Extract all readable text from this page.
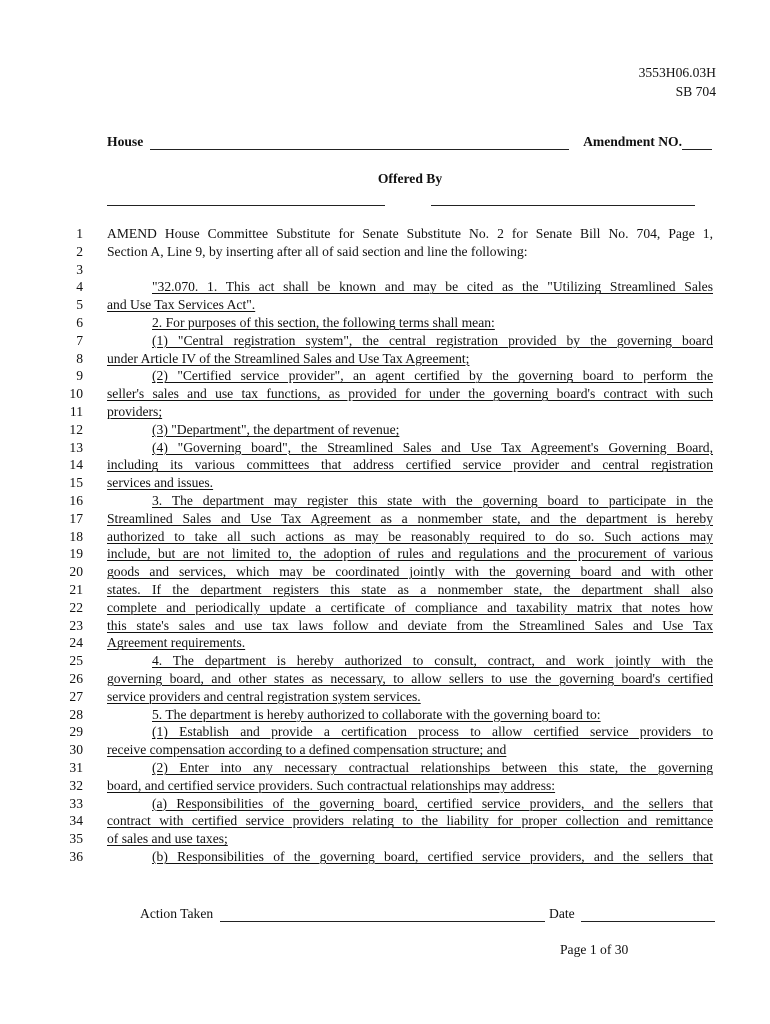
3553H06.03H
SB 704
House	Amendment NO.
Offered By
1 AMEND House Committee Substitute for Senate Substitute No. 2 for Senate Bill No. 704, Page 1,
2 Section A, Line 9, by inserting after all of said section and line the following:
3
4	"32.070. 1. This act shall be known and may be cited as the "Utilizing Streamlined Sales
5 and Use Tax Services Act".
6	2. For purposes of this section, the following terms shall mean:
7	(1) "Central registration system", the central registration provided by the governing board
8 under Article IV of the Streamlined Sales and Use Tax Agreement;
9	(2) "Certified service provider", an agent certified by the governing board to perform the
10 seller's sales and use tax functions, as provided for under the governing board's contract with such
11 providers;
12	(3) "Department", the department of revenue;
13	(4) "Governing board", the Streamlined Sales and Use Tax Agreement's Governing Board,
14 including its various committees that address certified service provider and central registration
15 services and issues.
16	3. The department may register this state with the governing board to participate in the
17 Streamlined Sales and Use Tax Agreement as a nonmember state, and the department is hereby
18 authorized to take all such actions as may be reasonably required to do so. Such actions may
19 include, but are not limited to, the adoption of rules and regulations and the procurement of various
20 goods and services, which may be coordinated jointly with the governing board and with other
21 states. If the department registers this state as a nonmember state, the department shall also
22 complete and periodically update a certificate of compliance and taxability matrix that notes how
23 this state's sales and use tax laws follow and deviate from the Streamlined Sales and Use Tax
24 Agreement requirements.
25	4. The department is hereby authorized to consult, contract, and work jointly with the
26 governing board, and other states as necessary, to allow sellers to use the governing board's certified
27 service providers and central registration system services.
28	5. The department is hereby authorized to collaborate with the governing board to:
29	(1) Establish and provide a certification process to allow certified service providers to
30 receive compensation according to a defined compensation structure; and
31	(2) Enter into any necessary contractual relationships between this state, the governing
32 board, and certified service providers. Such contractual relationships may address:
33	(a) Responsibilities of the governing board, certified service providers, and the sellers that
34 contract with certified service providers relating to the liability for proper collection and remittance
35 of sales and use taxes;
36	(b) Responsibilities of the governing board, certified service providers, and the sellers that
Action Taken	Date
Page 1 of 30
